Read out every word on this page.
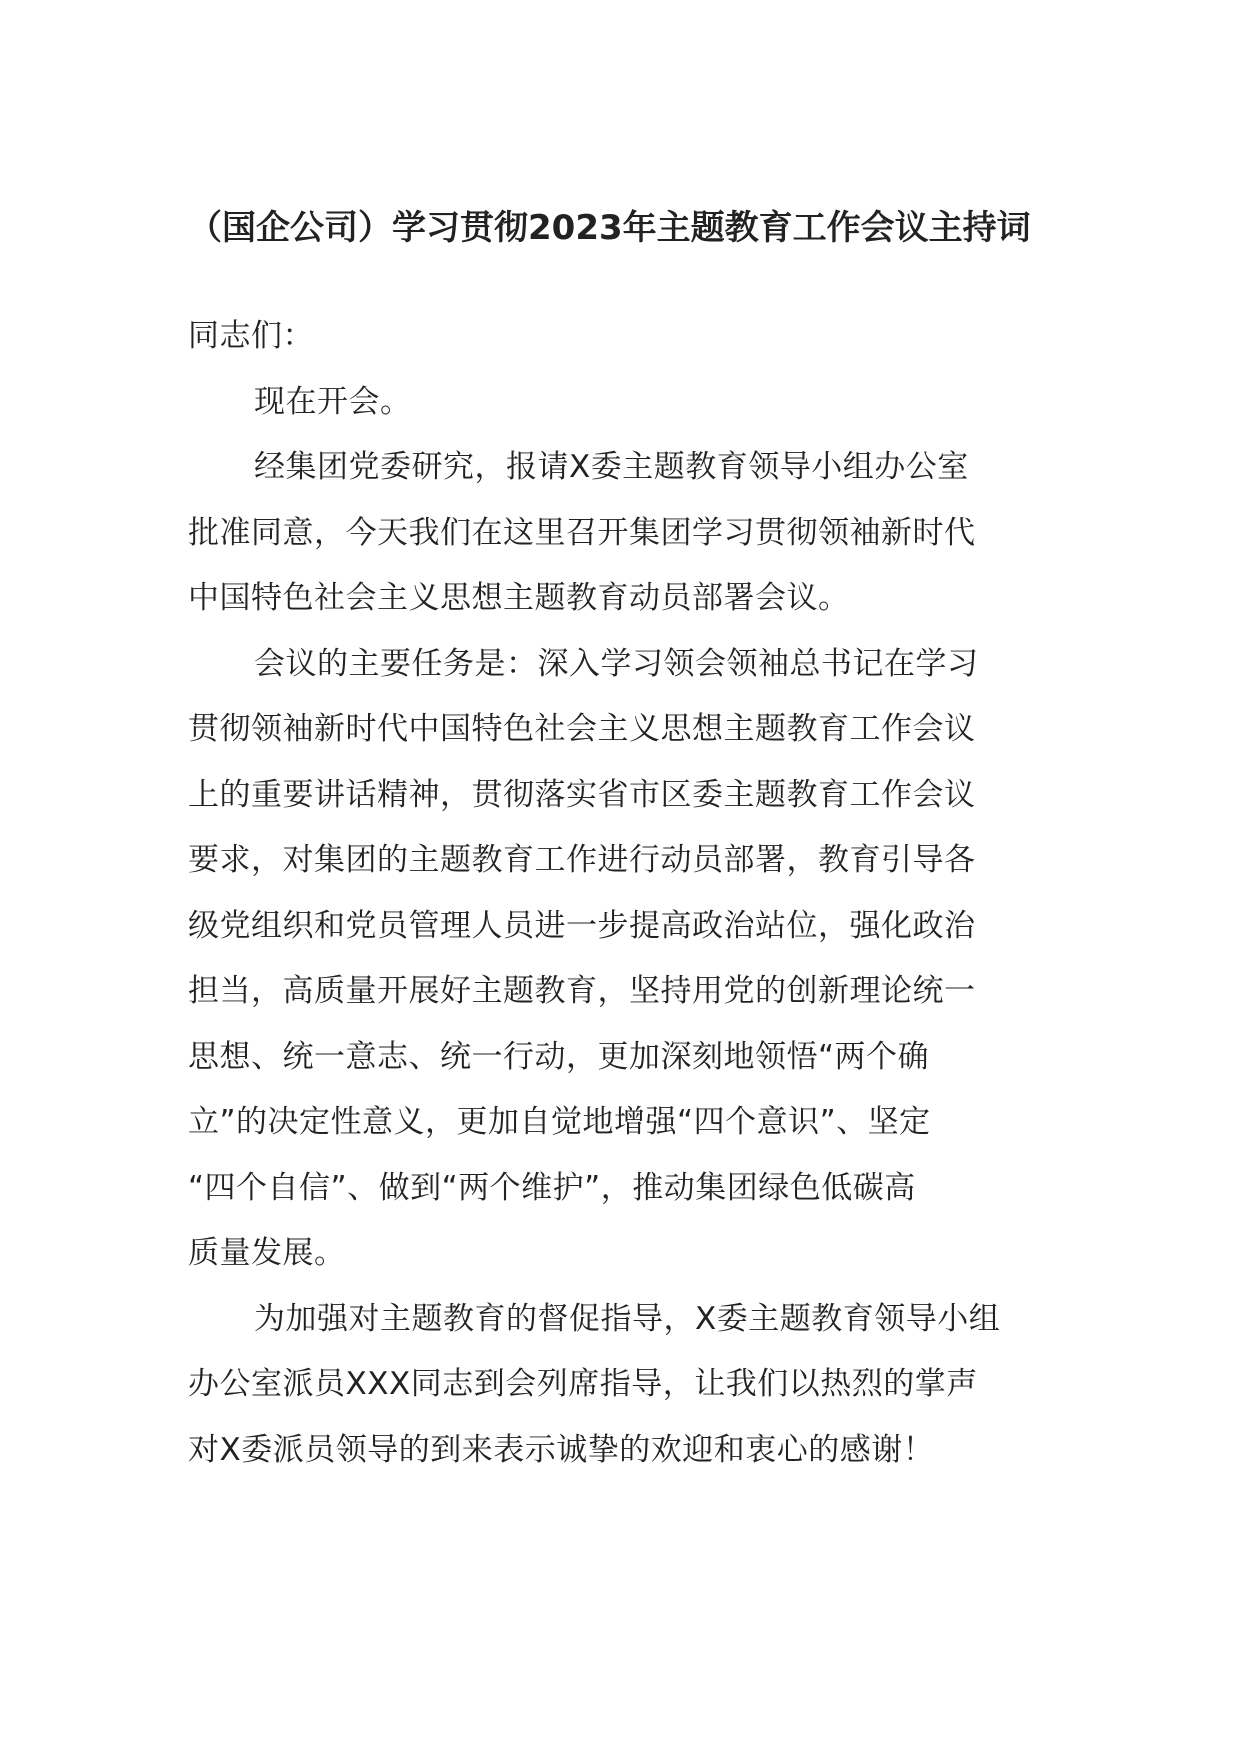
（国企公司）学习贯彻2023年主题教育工作会议主持词

同志们：

现在开会。

经集团党委研究，报请X委主题教育领导小组办公室
批准同意，今天我们在这里召开集团学习贯彻领袖新时代
中国特色社会主义思想主题教育动员部署会议。

会议的主要任务是：深入学习领会领袖总书记在学习
贯彻领袖新时代中国特色社会主义思想主题教育工作会议
上的重要讲话精神，贯彻落实省市区委主题教育工作会议
要求，对集团的主题教育工作进行动员部署，教育引导各
级党组织和党员管理人员进一步提高政治站位，强化政治
担当，高质量开展好主题教育，坚持用党的创新理论统一
思想、统一意志、统一行动，更加深刻地领悟“两个确
立”的决定性意义，更加自觉地增强“四个意识”、坚定
“四个自信”、做到“两个维护”，推动集团绿色低碳高
质量发展。

为加强对主题教育的督促指导，X委主题教育领导小组
办公室派员XXX同志到会列席指导，让我们以热烈的掌声
对X委派员领导的到来表示诚挚的欢迎和衷心的感谢！
